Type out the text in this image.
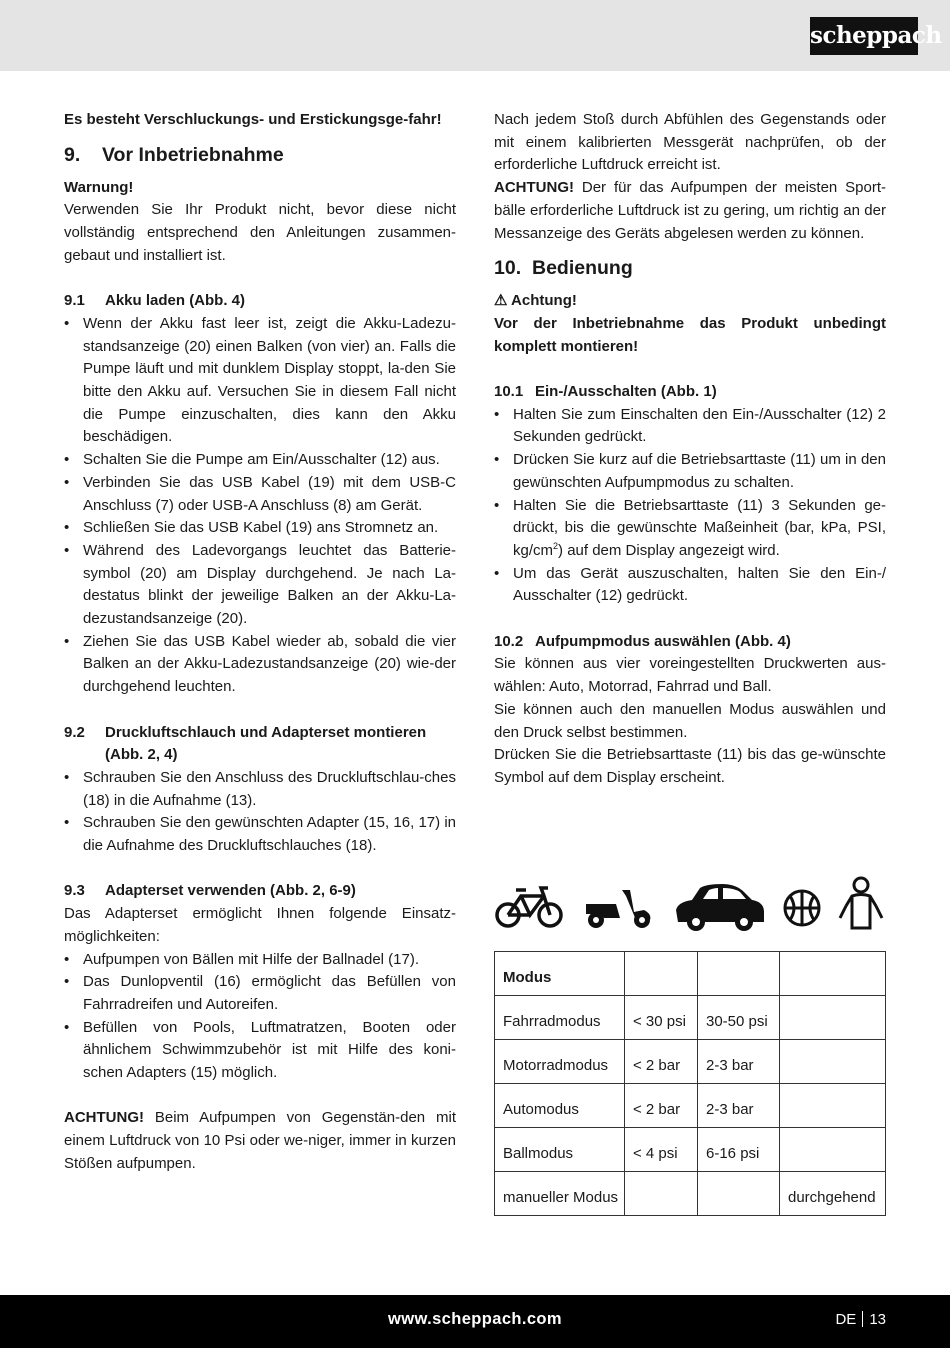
scheppach

Es besteht Verschluckungs- und Erstickungsge-fahr!

9. Vor Inbetriebnahme

Warnung!

Verwenden Sie Ihr Produkt nicht, bevor diese nicht vollständig entsprechend den Anleitungen zusammen-gebaut und installiert ist.

9.1	Akku laden (Abb. 4)
• Wenn der Akku fast leer ist, zeigt die Akku-Ladezu-standsanzeige (20) einen Balken (von vier) an. Falls die Pumpe läuft und mit dunklem Display stoppt, la-den Sie bitte den Akku auf. Versuchen Sie in diesem Fall nicht die Pumpe einzuschalten, dies kann den Akku beschädigen.
• Schalten Sie die Pumpe am Ein/Ausschalter (12) aus.
• Verbinden Sie das USB Kabel (19) mit dem USB-C Anschluss (7) oder USB-A Anschluss (8) am Gerät.
• Schließen Sie das USB Kabel (19) ans Stromnetz an.
• Während des Ladevorgangs leuchtet das Batterie-symbol (20) am Display durchgehend. Je nach La-destatus blinkt der jeweilige Balken an der Akku-La-dezustandsanzeige (20).
• Ziehen Sie das USB Kabel wieder ab, sobald die vier Balken an der Akku-Ladezustandsanzeige (20) wie-der durchgehend leuchten.
9.2	Druckluftschlauch und Adapterset montieren (Abb. 2, 4)
• Schrauben Sie den Anschluss des Druckluftschlau-ches (18) in die Aufnahme (13).
• Schrauben Sie den gewünschten Adapter (15, 16, 17) in die Aufnahme des Druckluftschlauches (18).
9.3	Adapterset verwenden (Abb. 2, 6-9)

Das Adapterset ermöglicht Ihnen folgende Einsatz-möglichkeiten:

• Aufpumpen von Bällen mit Hilfe der Ballnadel (17).
• Das Dunlopventil (16) ermöglicht das Befüllen von Fahrradreifen und Autoreifen.
• Befüllen von Pools, Luftmatratzen, Booten oder ähnlichem Schwimmzubehör ist mit Hilfe des koni-schen Adapters (15) möglich.

ACHTUNG! Beim Aufpumpen von Gegenstän-den mit einem Luftdruck von 10 Psi oder we-niger, immer in kurzen Stößen aufpumpen.

Nach jedem Stoß durch Abfühlen des Gegenstands oder mit einem kalibrierten Messgerät nachprüfen, ob der erforderliche Luftdruck erreicht ist.

ACHTUNG! Der für das Aufpumpen der meisten Sport-bälle erforderliche Luftdruck ist zu gering, um richtig an der Messanzeige des Geräts abgelesen werden zu können.

10. Bedienung

⚠ Achtung!

Vor der Inbetriebnahme das Produkt unbedingt komplett montieren!

10.1 Ein-/Ausschalten (Abb. 1)
• Halten Sie zum Einschalten den Ein-/Ausschalter (12) 2 Sekunden gedrückt.
• Drücken Sie kurz auf die Betriebsarttaste (11) um in den gewünschten Aufpumpmodus zu schalten.
• Halten Sie die Betriebsarttaste (11) 3 Sekunden ge-drückt, bis die gewünschte Maßeinheit (bar, kPa, PSI, $kg/cm^2$) auf dem Display angezeigt wird.
• Um das Gerät auszuschalten, halten Sie den Ein-/ Ausschalter (12) gedrückt.
10.2 Aufpumpmodus auswählen (Abb. 4)

Sie können aus vier voreingestellten Druckwerten aus-wählen: Auto, Motorrad, Fahrrad und Ball.

Sie können auch den manuellen Modus auswählen und den Druck selbst bestimmen.

Drücken Sie die Betriebsarttaste (11) bis das ge-wünschte Symbol auf dem Display erscheint.

Modus			
Fahrradmodus	< 30 psi	30-50 psi	
Motorradmodus	< 2 bar	2-3 bar	
Automodus	< 2 bar	2-3 bar	
Ballmodus	< 4 psi	6-16 psi	
manueller Modus			durchgehend
www.scheppach.com	DE 13
